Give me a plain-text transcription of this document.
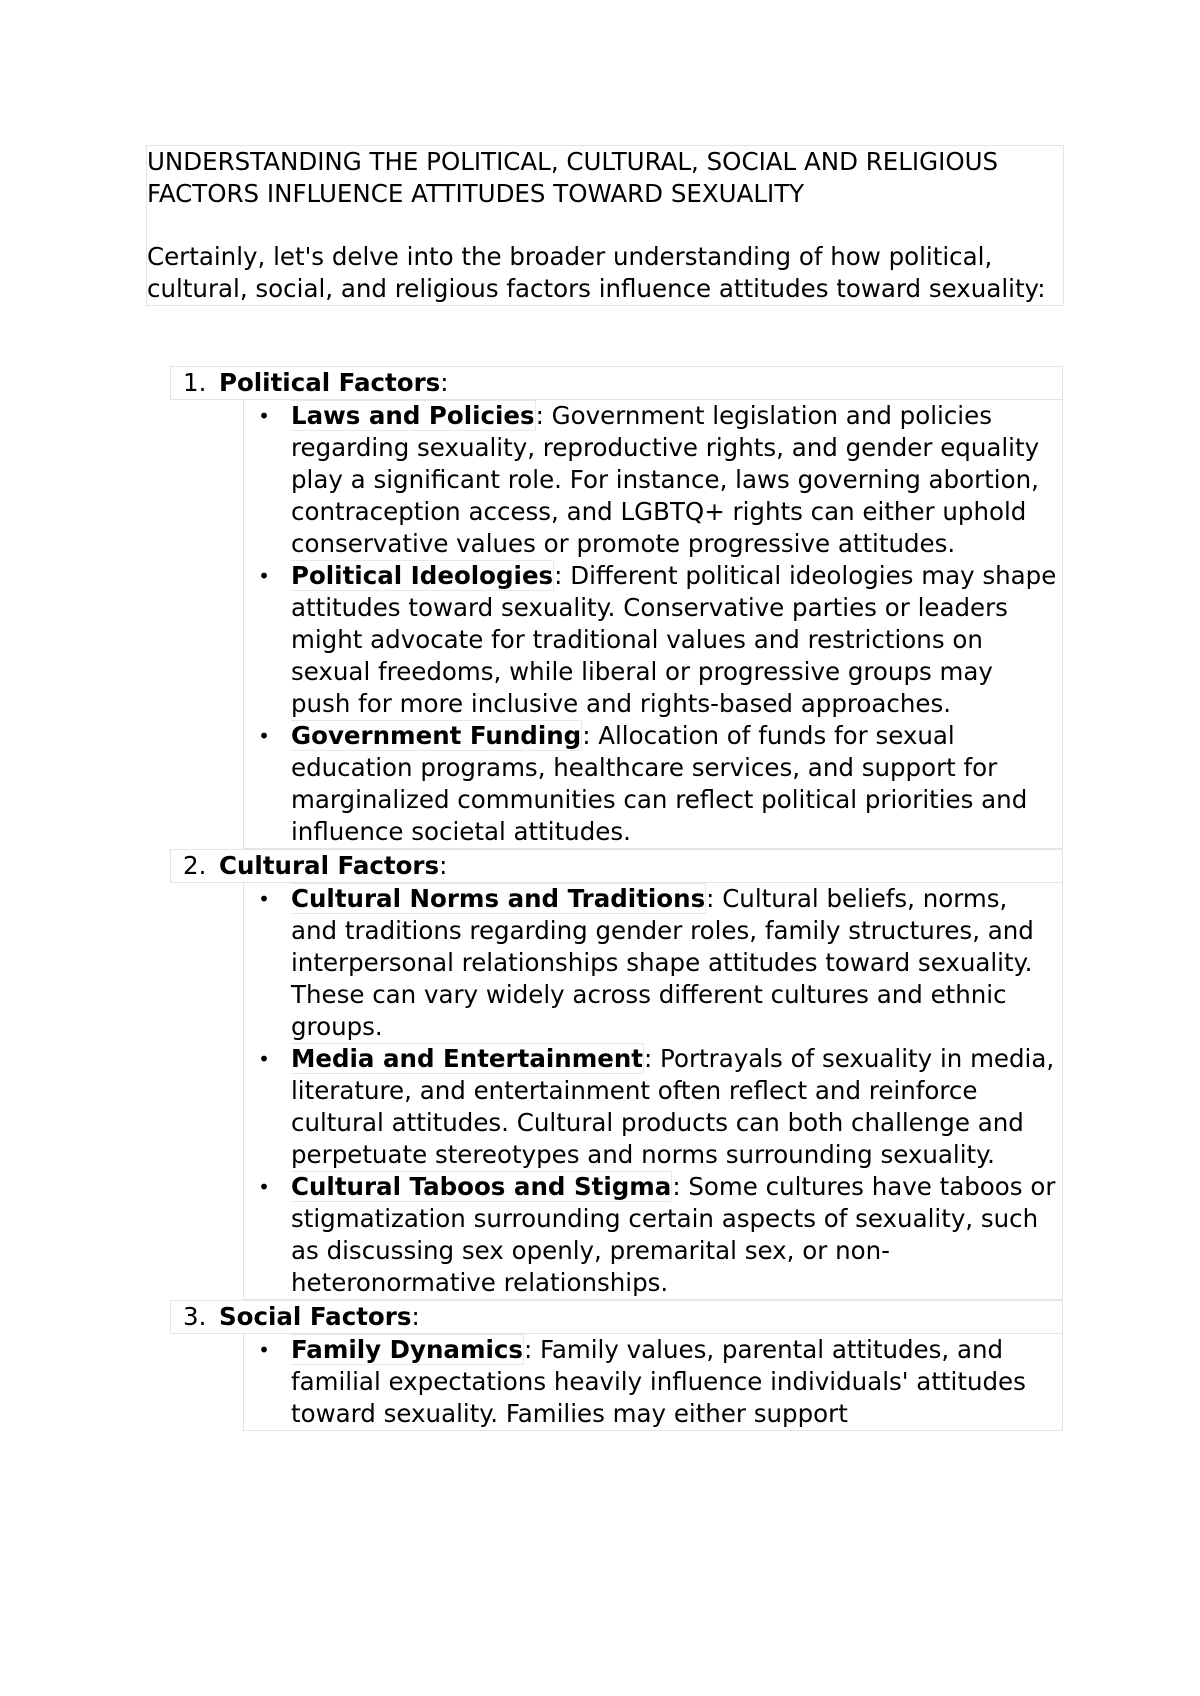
UNDERSTANDING THE POLITICAL, CULTURAL, SOCIAL AND RELIGIOUS FACTORS INFLUENCE ATTITUDES TOWARD SEXUALITY

Certainly, let's delve into the broader understanding of how political, cultural, social, and religious factors influence attitudes toward sexuality:

1. Political Factors:
• Laws and Policies: Government legislation and policies regarding sexuality, reproductive rights, and gender equality play a significant role. For instance, laws governing abortion, contraception access, and LGBTQ+ rights can either uphold conservative values or promote progressive attitudes.
• Political Ideologies: Different political ideologies may shape attitudes toward sexuality. Conservative parties or leaders might advocate for traditional values and restrictions on sexual freedoms, while liberal or progressive groups may push for more inclusive and rights-based approaches.
• Government Funding: Allocation of funds for sexual education programs, healthcare services, and support for marginalized communities can reflect political priorities and influence societal attitudes.
2. Cultural Factors:
• Cultural Norms and Traditions: Cultural beliefs, norms, and traditions regarding gender roles, family structures, and interpersonal relationships shape attitudes toward sexuality. These can vary widely across different cultures and ethnic groups.
• Media and Entertainment: Portrayals of sexuality in media, literature, and entertainment often reflect and reinforce cultural attitudes. Cultural products can both challenge and perpetuate stereotypes and norms surrounding sexuality.
• Cultural Taboos and Stigma: Some cultures have taboos or stigmatization surrounding certain aspects of sexuality, such as discussing sex openly, premarital sex, or non-heteronormative relationships.
3. Social Factors:
• Family Dynamics: Family values, parental attitudes, and familial expectations heavily influence individuals' attitudes toward sexuality. Families may either support
